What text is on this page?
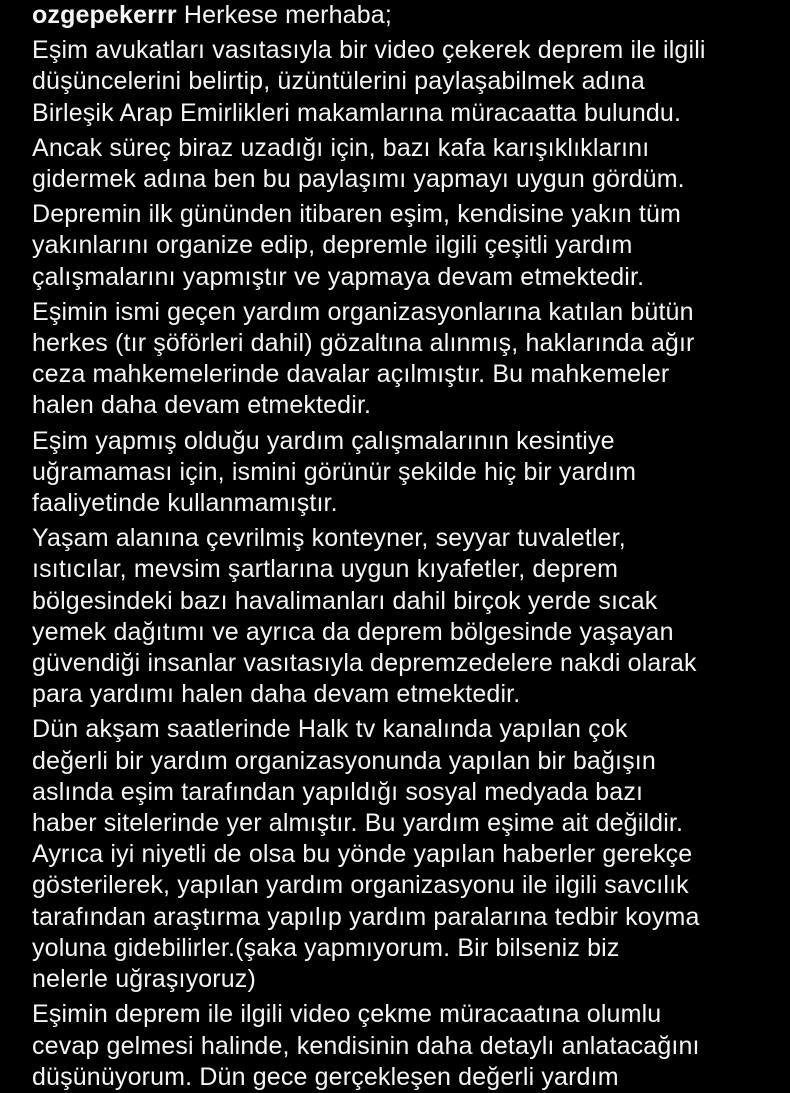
ozgepekerrr Herkese merhaba;
Eşim avukatları vasıtasıyla bir video çekerek deprem ile ilgili
düşüncelerini belirtip, üzüntülerini paylaşabilmek adına
Birleşik Arap Emirlikleri makamlarına müracaatta bulundu.
Ancak süreç biraz uzadığı için, bazı kafa karışıklıklarını
gidermek adına ben bu paylaşımı yapmayı uygun gördüm.
Depremin ilk gününden itibaren eşim, kendisine yakın tüm
yakınlarını organize edip, depremle ilgili çeşitli yardım
çalışmalarını yapmıştır ve yapmaya devam etmektedir.
Eşimin ismi geçen yardım organizasyonlarına katılan bütün
herkes (tır şöförleri dahil) gözaltına alınmış, haklarında ağır
ceza mahkemelerinde davalar açılmıştır. Bu mahkemeler
halen daha devam etmektedir.
Eşim yapmış olduğu yardım çalışmalarının kesintiye
uğramaması için, ismini görünür şekilde hiç bir yardım
faaliyetinde kullanmamıştır.
Yaşam alanına çevrilmiş konteyner, seyyar tuvaletler,
ısıtıcılar, mevsim şartlarına uygun kıyafetler, deprem
bölgesindeki bazı havalimanları dahil birçok yerde sıcak
yemek dağıtımı ve ayrıca da deprem bölgesinde yaşayan
güvendiği insanlar vasıtasıyla depremzedelere nakdi olarak
para yardımı halen daha devam etmektedir.
Dün akşam saatlerinde Halk tv kanalında yapılan çok
değerli bir yardım organizasyonunda yapılan bir bağışın
aslında eşim tarafından yapıldığı sosyal medyada bazı
haber sitelerinde yer almıştır. Bu yardım eşime ait değildir.
Ayrıca iyi niyetli de olsa bu yönde yapılan haberler gerekçe
gösterilerek, yapılan yardım organizasyonu ile ilgili savcılık
tarafından araştırma yapılıp yardım paralarına tedbir koyma
yoluna gidebilirler.(şaka yapmıyorum. Bir bilseniz biz
nelerle uğraşıyoruz)
Eşimin deprem ile ilgili video çekme müracaatına olumlu
cevap gelmesi halinde, kendisinin daha detaylı anlatacağını
düşünüyorum. Dün gece gerçekleşen değerli yardım
